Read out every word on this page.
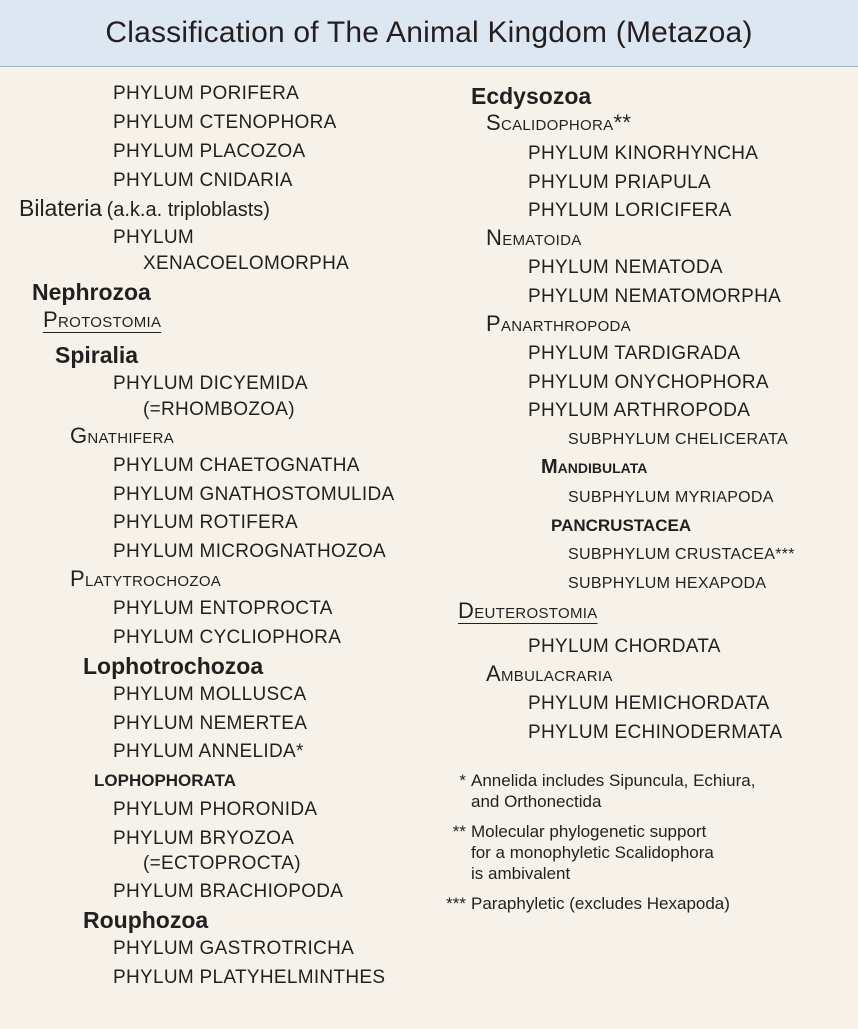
Classification of The Animal Kingdom (Metazoa)
PHYLUM PORIFERA
PHYLUM CTENOPHORA
PHYLUM PLACOZOA
PHYLUM CNIDARIA
Bilateria (a.k.a. triploblasts)
PHYLUM
XENACOELOMORPHA
Nephrozoa
Protostomia
Spiralia
PHYLUM DICYEMIDA
(=RHOMBOZOA)
Gnathifera
PHYLUM CHAETOGNATHA
PHYLUM GNATHOSTOMULIDA
PHYLUM ROTIFERA
PHYLUM MICROGNATHOZOA
Platytrochozoa
PHYLUM ENTOPROCTA
PHYLUM CYCLIOPHORA
Lophotrochozoa
PHYLUM MOLLUSCA
PHYLUM NEMERTEA
PHYLUM ANNELIDA*
LOPHOPHORATA
PHYLUM PHORONIDA
PHYLUM BRYOZOA
(=ECTOPROCTA)
PHYLUM BRACHIOPODA
Rouphozoa
PHYLUM GASTROTRICHA
PHYLUM PLATYHELMINTHES
Ecdysozoa
Scalidophora**
PHYLUM KINORHYNCHA
PHYLUM PRIAPULA
PHYLUM LORICIFERA
Nematoida
PHYLUM NEMATODA
PHYLUM NEMATOMORPHA
Panarthropoda
PHYLUM TARDIGRADA
PHYLUM ONYCHOPHORA
PHYLUM ARTHROPODA
SUBPHYLUM CHELICERATA
Mandibulata
SUBPHYLUM MYRIAPODA
PANCRUSTACEA
SUBPHYLUM CRUSTACEA***
SUBPHYLUM HEXAPODA
Deuterostomia
PHYLUM CHORDATA
Ambulacraria
PHYLUM HEMICHORDATA
PHYLUM ECHINODERMATA
* Annelida includes Sipuncula, Echiura,
and Orthonectida
** Molecular phylogenetic support
for a monophyletic Scalidophora
is ambivalent
*** Paraphyletic (excludes Hexapoda)
